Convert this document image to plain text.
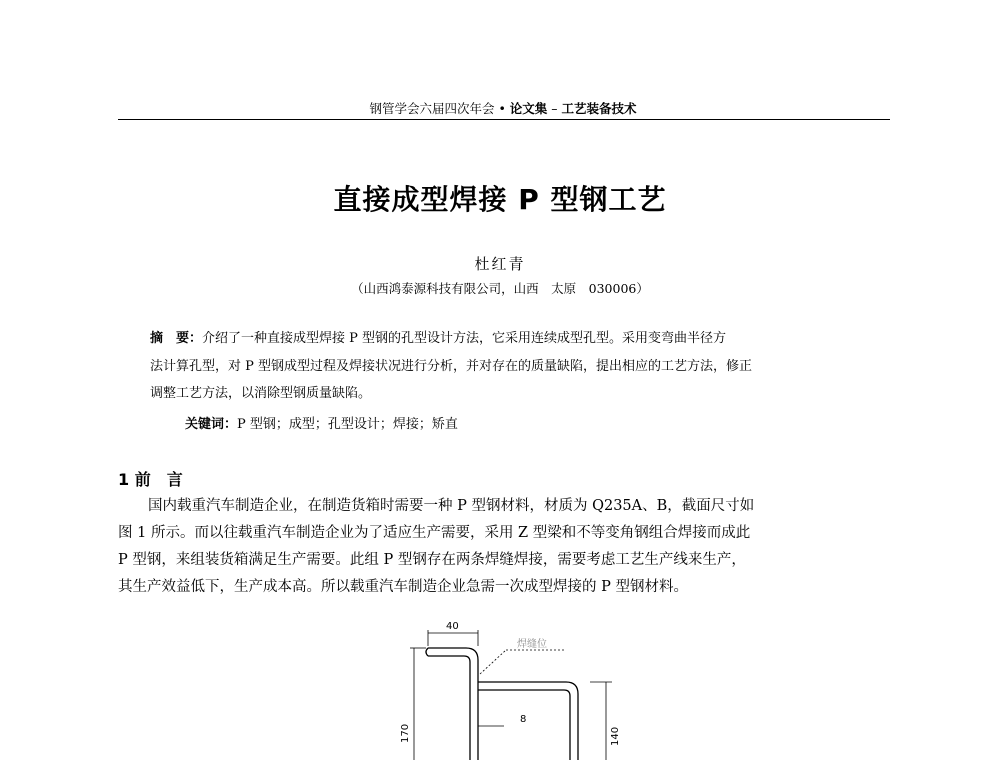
钢管学会六届四次年会 • 论文集 – 工艺装备技术
直接成型焊接 P 型钢工艺
杜红青
（山西鸿泰源科技有限公司，山西　太原　030006）
摘　要：介绍了一种直接成型焊接 P 型钢的孔型设计方法，它采用连续成型孔型。采用变弯曲半径方
法计算孔型，对 P 型钢成型过程及焊接状况进行分析，并对存在的质量缺陷，提出相应的工艺方法，修正
调整工艺方法，以消除型钢质量缺陷。
关键词：P 型钢；成型；孔型设计；焊接；矫直
1 前　言
国内载重汽车制造企业，在制造货箱时需要一种 P 型钢材料，材质为 Q235A、B，截面尺寸如
图 1 所示。而以往载重汽车制造企业为了适应生产需要，采用 Z 型梁和不等变角钢组合焊接而成此
P 型钢，来组装货箱满足生产需要。此组 P 型钢存在两条焊缝焊接，需要考虑工艺生产线来生产，
其生产效益低下，生产成本高。所以载重汽车制造企业急需一次成型焊接的 P 型钢材料。
40
170	140
8
焊缝位
